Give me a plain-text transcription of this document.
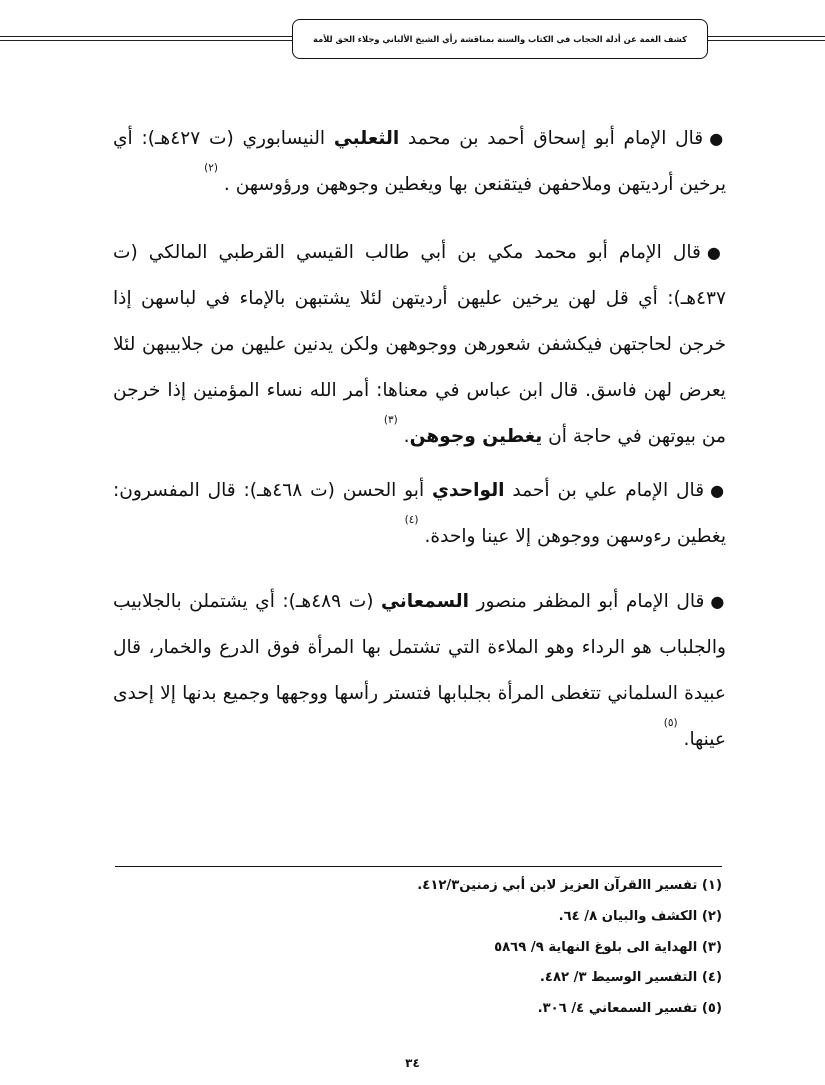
كشف الغمة عن أدلة الحجاب في الكتاب والسنة بمناقشة رأي الشيخ الألباني وجلاء الحق للأمة

●قال الإمام أبو إسحاق أحمد بن محمد الثعلبي النيسابوري (ت ٤٢٧هـ): أي يرخين أرديتهن وملاحفهن فيتقنعن بها ويغطين وجوههن ورؤوسهن . $^{(٢)}$

●قال الإمام أبو محمد مكي بن أبي طالب القيسي القرطبي المالكي (ت ٤٣٧هـ): أي قل لهن يرخين عليهن أرديتهن لئلا يشتبهن بالإماء في لباسهن إذا خرجن لحاجتهن فيكشفن شعورهن ووجوههن ولكن يدنين عليهن من جلابيبهن لئلا يعرض لهن فاسق. قال ابن عباس في معناها: أمر الله نساء المؤمنين إذا خرجن من بيوتهن في حاجة أن يغطين وجوهن. $^{(٣)}$

●قال الإمام علي بن أحمد الواحدي أبو الحسن (ت ٤٦٨هـ): قال المفسرون: يغطين رءوسهن ووجوهن إلا عينا واحدة. $^{(٤)}$

●قال الإمام أبو المظفر منصور السمعاني (ت ٤٨٩هـ): أي يشتملن بالجلابيب والجلباب هو الرداء وهو الملاءة التي تشتمل بها المرأة فوق الدرع والخمار، قال عبيدة السلماني تتغطى المرأة بجلبابها فتستر رأسها ووجهها وجميع بدنها إلا إحدى عينها. $^{(٥)}$

(١) تفسير االقرآن العزيز لابن أبي زمنين٤١٢/٣.
(٢) الكشف والبيان ٨/ ٦٤.
(٣) الهداية الى بلوغ النهاية ٩/ ٥٨٦٩
(٤) التفسير الوسيط ٣/ ٤٨٢.
(٥) تفسير السمعاني ٤/ ٣٠٦.
٣٤
